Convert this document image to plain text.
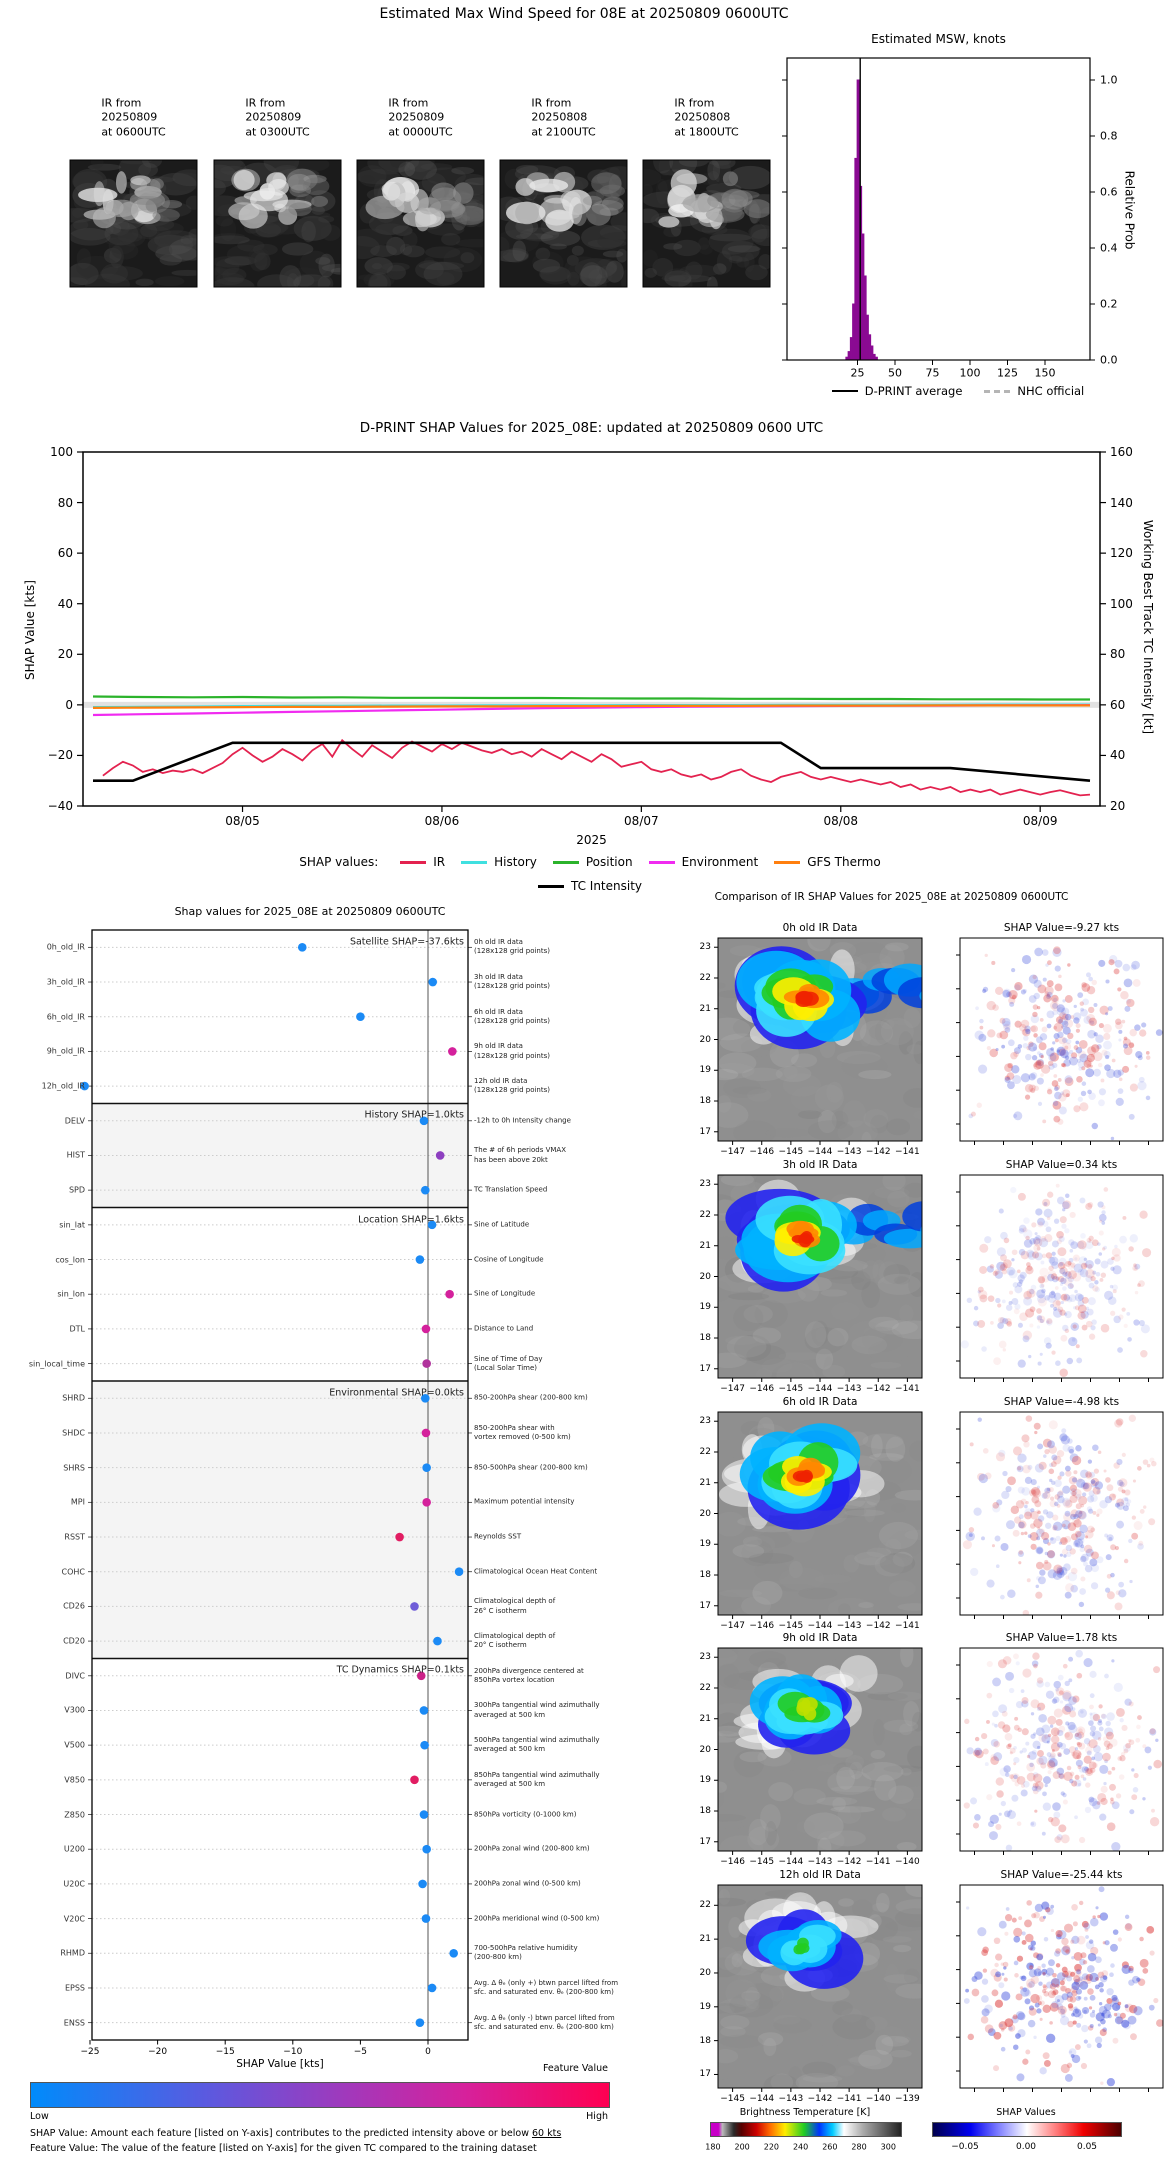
Estimated Max Wind Speed for 08E at 20250809 0600UTC
Estimated MSW, knots
Relative Prob
D-PRINT average	NHC official
IR from
20250809
at 0600UTC
IR from
20250809
at 0300UTC
IR from
20250809
at 0000UTC
IR from
20250808
at 2100UTC
IR from
20250808
at 1800UTC
0.0
0.2
0.4
0.6
0.8
1.0
25 50 75 100 125 150
D-PRINT SHAP Values for 2025_08E: updated at 20250809 0600 UTC
SHAP Value [kts]	Working Best Track TC Intensity [kt]
2025
SHAP values:	IR	History	Position	Environment	GFS Thermo
TC Intensity
100
80
60
40
20
0
−20
−40
160
140
120
100
80
60
40
20
08/05	08/06	08/07	08/08	08/09
Shap values for 2025_08E at 20250809 0600UTC
SHAP Value [kts]	Feature Value
Low	High
SHAP Value: Amount each feature [listed on Y-axis] contributes to the predicted intensity above or below 60 kts
Feature Value: The value of the feature [listed on Y-axis] for the given TC compared to the training dataset
0h_old_IR
0h old IR data
(128x128 grid points)
3h_old_IR
3h old IR data
(128x128 grid points)
6h_old_IR
6h old IR data
(128x128 grid points)
9h_old_IR
9h old IR data
(128x128 grid points)
12h_old_IR
12h old IR data
(128x128 grid points)
DELV	-12h to 0h Intensity change
HIST
The # of 6h periods VMAX
has been above 20kt
SPD	TC Translation Speed
sin_lat	Sine of Latitude
cos_lon	Cosine of Longitude
sin_lon	Sine of Longitude
DTL	Distance to Land
sin_local_time
Sine of Time of Day
(Local Solar Time)
SHRD	850-200hPa shear (200-800 km)
SHDC
850-200hPa shear with
vortex removed (0-500 km)
SHRS	850-500hPa shear (200-800 km)
MPI	Maximum potential intensity
RSST	Reynolds SST
COHC	Climatological Ocean Heat Content
CD26
Climatological depth of
26° C isotherm
CD20
Climatological depth of
20° C isotherm
DIVC
200hPa divergence centered at
850hPa vortex location
V300
300hPa tangential wind azimuthally
averaged at 500 km
V500
500hPa tangential wind azimuthally
averaged at 500 km
V850
850hPa tangential wind azimuthally
averaged at 500 km
Z850	850hPa vorticity (0-1000 km)
U200	200hPa zonal wind (200-800 km)
U20C	200hPa zonal wind (0-500 km)
V20C	200hPa meridional wind (0-500 km)
RHMD
700-500hPa relative humidity
(200-800 km)
EPSS
Avg. Δ θₑ (only +) btwn parcel lifted from
sfc. and saturated env. θₑ (200-800 km)
ENSS
Avg. Δ θₑ (only -) btwn parcel lifted from
sfc. and saturated env. θₑ (200-800 km)
Satellite SHAP=-37.6kts
History SHAP=1.0kts
Location SHAP=1.6kts
Environmental SHAP=0.0kts
TC Dynamics SHAP=0.1kts
−25	−20	−15	−10	−5	0
Comparison of IR SHAP Values for 2025_08E at 20250809 0600UTC
Brightness Temperature [K]	SHAP Values
0h old IR Data	SHAP Value=-9.27 kts
23
22
21
20
19
18
17
−147 −146 −145 −144 −143 −142 −141
3h old IR Data	SHAP Value=0.34 kts
23
22
21
20
19
18
17
−147 −146 −145 −144 −143 −142 −141
6h old IR Data	SHAP Value=-4.98 kts
23
22
21
20
19
18
17
−147 −146 −145 −144 −143 −142 −141
9h old IR Data	SHAP Value=1.78 kts
23
22
21
20
19
18
17
−146 −145 −144 −143 −142 −141 −140
12h old IR Data	SHAP Value=-25.44 kts
22
21
20
19
18
17
−145 −144 −143 −142 −141 −140 −139
180 200 220 240 260 280 300	−0.05	0.00	0.05
